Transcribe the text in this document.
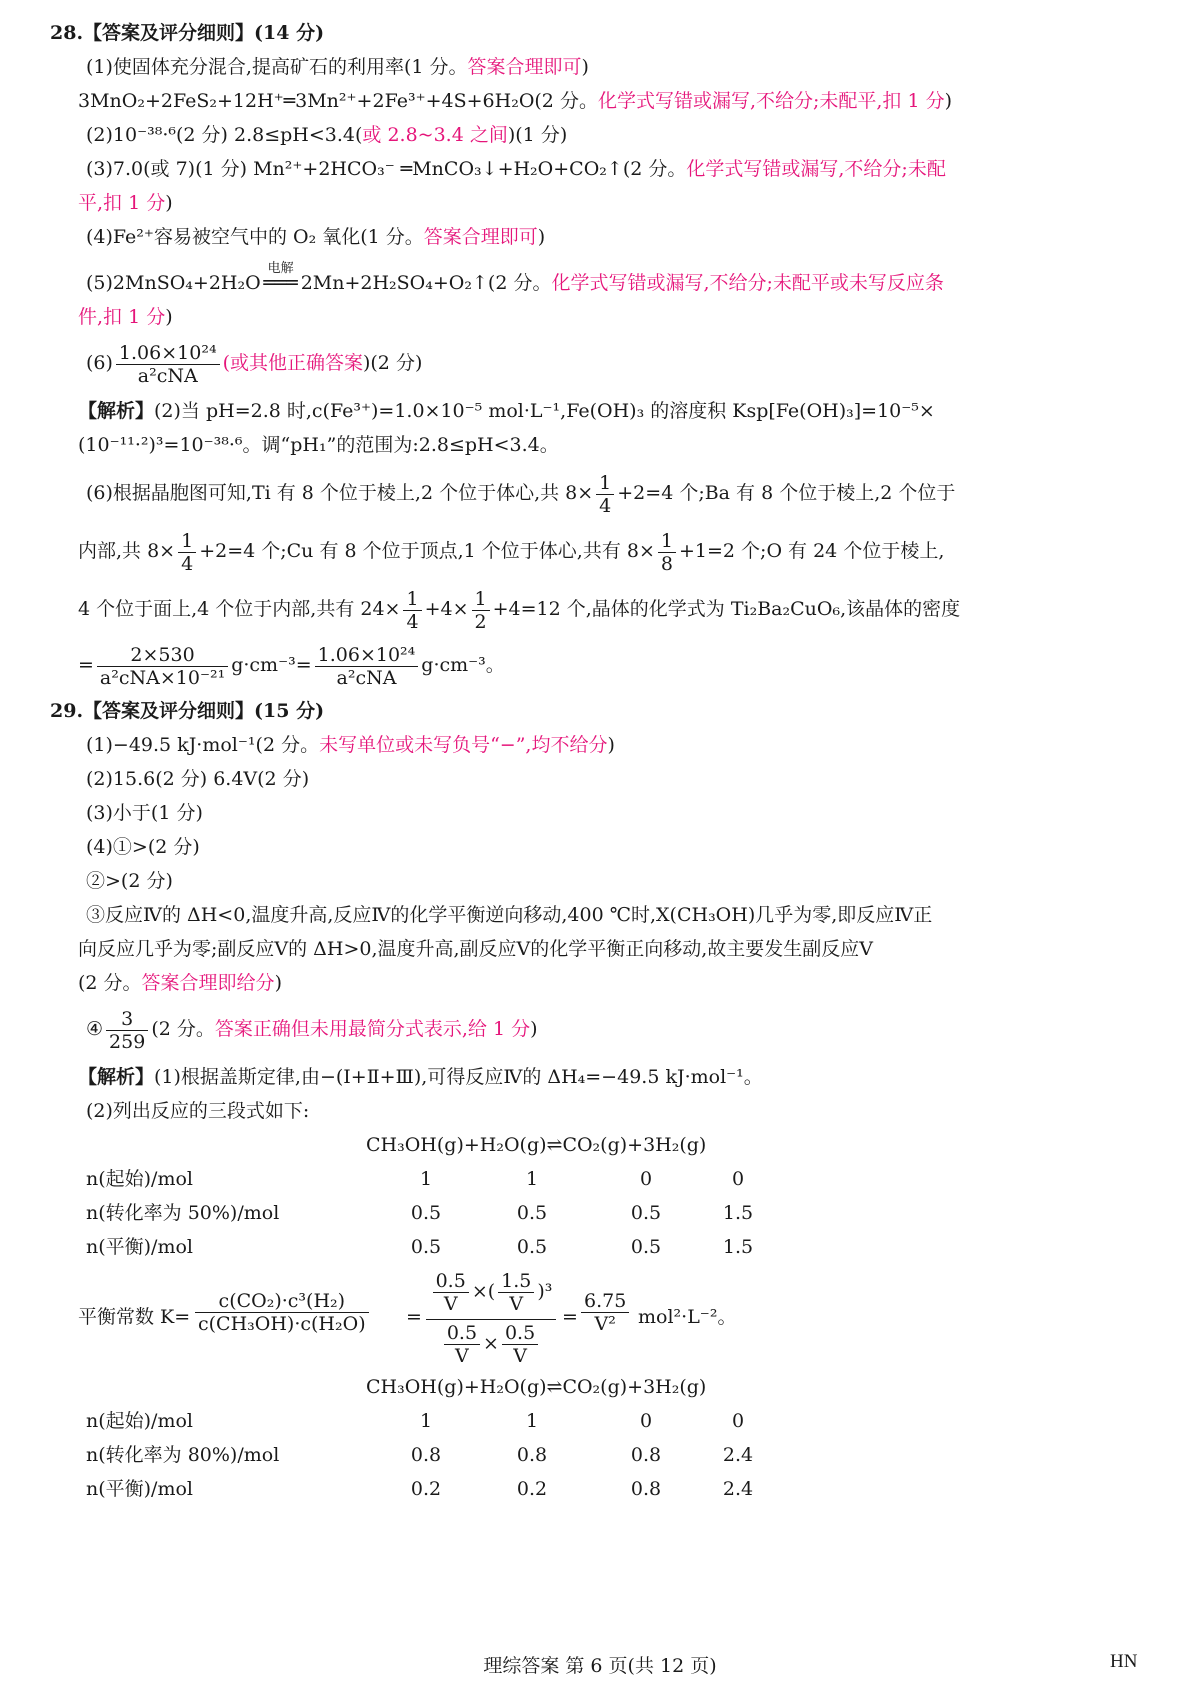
28.【答案及评分细则】(14 分)
(1)使固体充分混合,提高矿石的利用率(1 分。答案合理即可)
3MnO₂+2FeS₂+12H⁺═3Mn²⁺+2Fe³⁺+4S+6H₂O(2 分。化学式写错或漏写,不给分;未配平,扣 1 分)
(2)10⁻³⁸·⁶(2 分) 2.8≤pH<3.4(或 2.8~3.4 之间)(1 分)
(3)7.0(或 7)(1 分) Mn²⁺+2HCO₃⁻ ═MnCO₃↓+H₂O+CO₂↑(2 分。化学式写错或漏写,不给分;未配
平,扣 1 分)
(4)Fe²⁺容易被空气中的 O₂ 氧化(1 分。答案合理即可)
(5)2MnSO₄+2H₂O
电解
═══ 2Mn+2H₂SO₄+O₂↑(2 分。化学式写错或漏写,不给分;未配平或未写反应条
件,扣 1 分)
$(6) \frac{\text{1.06×10²⁴}}{\text{a²cNA}}$ (或其他正确答案)(2 分)
【解析】(2)当 pH=2.8 时,c(Fe³⁺)=1.0×10⁻⁵ mol·L⁻¹,Fe(OH)₃ 的溶度积 Ksp[Fe(OH)₃]=10⁻⁵×
(10⁻¹¹·²)³=10⁻³⁸·⁶。调“pH₁”的范围为:2.8≤pH<3.4。
(6)根据晶胞图可知,Ti 有 8 个位于棱上,2 个位于体心,共 $8\times \frac{1}{4} +2=4$ 个;Ba 有 8 个位于棱上,2 个位于
内部,共 $8\times \frac{1}{4} +2=4$ 个;Cu 有 8 个位于顶点,1 个位于体心,共有 $8\times \frac{1}{8} +1=2$ 个;O 有 24 个位于棱上,
4 个位于面上,4 个位于内部,共有 $24\times \frac{1}{4} +4\times \frac{1}{2} +4=12$ 个,晶体的化学式为 Ti₂Ba₂CuO₆,该晶体的密度
= $\frac{2\times 530}{\text{a²cNA×10⁻²¹}} g\cdot cm^{-3}= \frac{\text{1.06×10²⁴}}{\text{a²cNA}} g\cdot cm^{-3}$。
29.【答案及评分细则】(15 分)
(1)−49.5 kJ·mol⁻¹(2 分。未写单位或未写负号“−”,均不给分)
(2)15.6(2 分) 6.4V(2 分)
(3)小于(1 分)
(4)①>(2 分)
②>(2 分)
③反应Ⅳ的 ΔH<0,温度升高,反应Ⅳ的化学平衡逆向移动,400 ℃时,X(CH₃OH)几乎为零,即反应Ⅳ正
向反应几乎为零;副反应Ⅴ的 ΔH>0,温度升高,副反应Ⅴ的化学平衡正向移动,故主要发生副反应Ⅴ
(2 分。答案合理即给分)
④ $\frac{3}{259} (2$ 分。答案正确但未用最简分式表示,给 1 分)
【解析】(1)根据盖斯定律,由−(Ⅰ+Ⅱ+Ⅲ),可得反应Ⅳ的 ΔH₄=−49.5 kJ·mol⁻¹。
(2)列出反应的三段式如下:
CH₃OH(g)+H₂O(g)⇌CO₂(g)+3H₂(g)
n(起始)/mol	1	1	0	0
n(转化率为 50%)/mol	0.5	0.5	0.5	1.5
n(平衡)/mol	0.5	0.5	0.5	1.5
平衡常数 $K= \frac{\text{c(CO₂)·c³(H₂)}}{\text{c(CH₃OH)·c(H₂O)}} = \frac{\frac{0.5}{V} \times( \frac{1.5}{V} )^3}{\frac{0.5}{V} \times \frac{0.5}{V}} = \frac{6.75}{\text{V²}} mol^2\cdot L^{-2}$。
CH₃OH(g)+H₂O(g)⇌CO₂(g)+3H₂(g)
n(起始)/mol	1	1	0	0
n(转化率为 80%)/mol	0.8	0.8	0.8	2.4
n(平衡)/mol	0.2	0.2	0.8	2.4
理综答案 第 6 页(共 12 页)	HN
